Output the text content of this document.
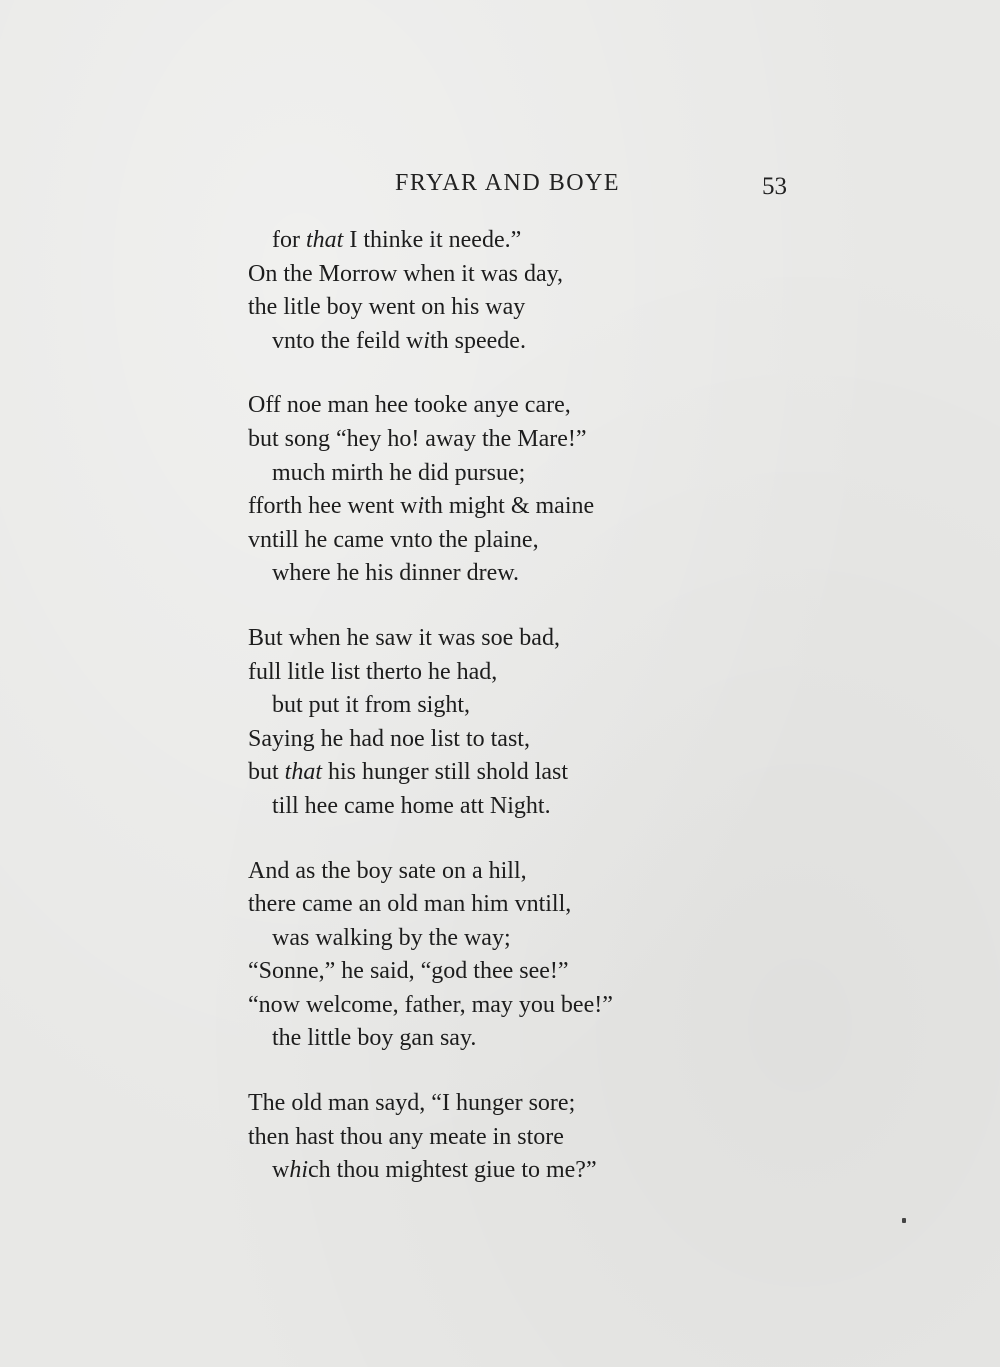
FRYAR AND BOYE	53
for that I thinke it neede.”
On the Morrow when it was day,
the litle boy went on his way
vnto the feild with speede.
Off noe man hee tooke anye care,
but song “hey ho! away the Mare!”
much mirth he did pursue;
fforth hee went with might & maine
vntill he came vnto the plaine,
where he his dinner drew.
But when he saw it was soe bad,
full litle list therto he had,
but put it from sight,
Saying he had noe list to tast,
but that his hunger still shold last
till hee came home att Night.
And as the boy sate on a hill,
there came an old man him vntill,
was walking by the way;
“Sonne,” he said, “god thee see!”
“now welcome, father, may you bee!”
the little boy gan say.
The old man sayd, “I hunger sore;
then hast thou any meate in store
which thou mightest giue to me?”
